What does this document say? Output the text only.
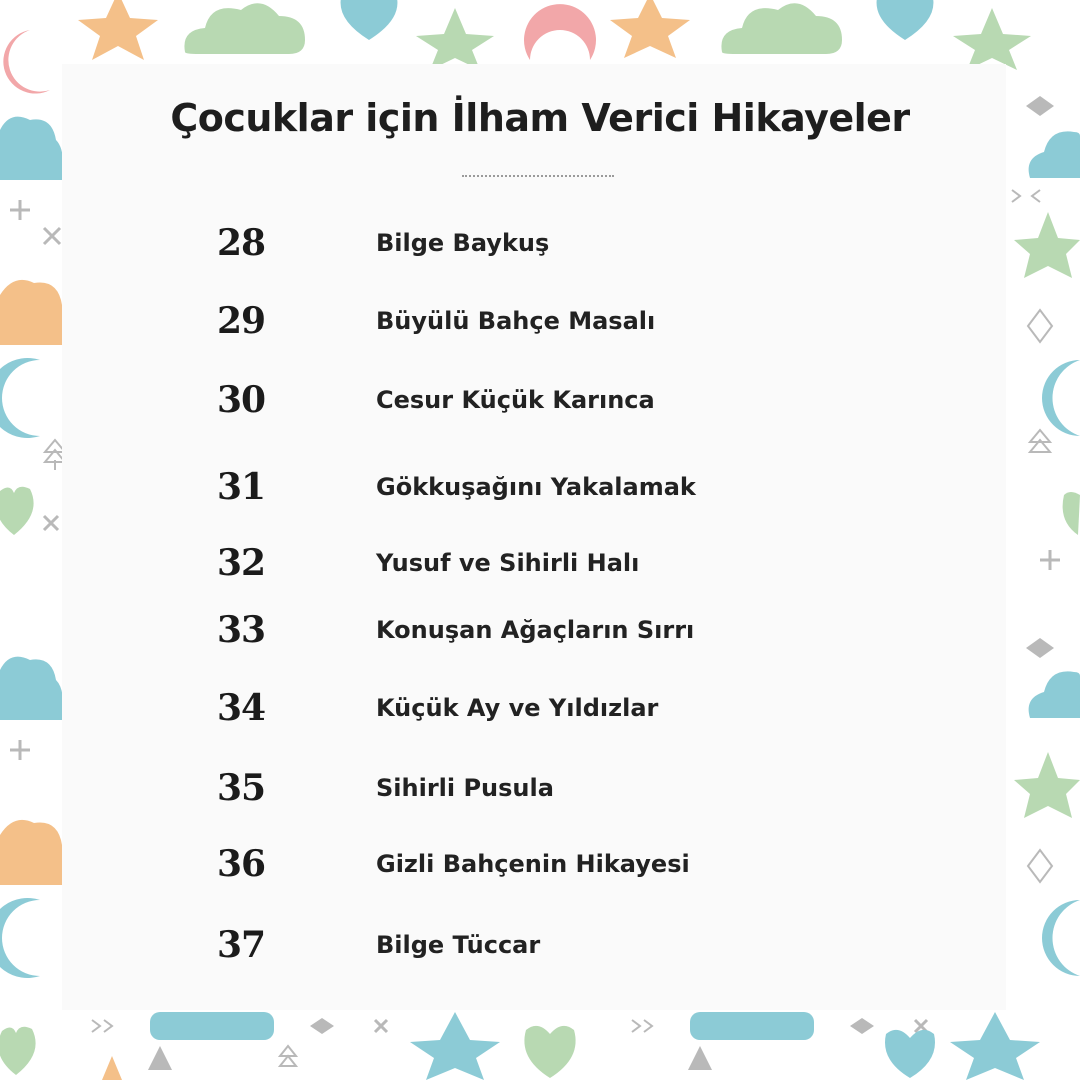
Çocuklar için İlham Verici Hikayeler
28	Bilge Baykuş
29	Büyülü Bahçe Masalı
30	Cesur Küçük Karınca
31	Gökkuşağını Yakalamak
32	Yusuf ve Sihirli Halı
33	Konuşan Ağaçların Sırrı
34	Küçük Ay ve Yıldızlar
35	Sihirli Pusula
36	Gizli Bahçenin Hikayesi
37	Bilge Tüccar
